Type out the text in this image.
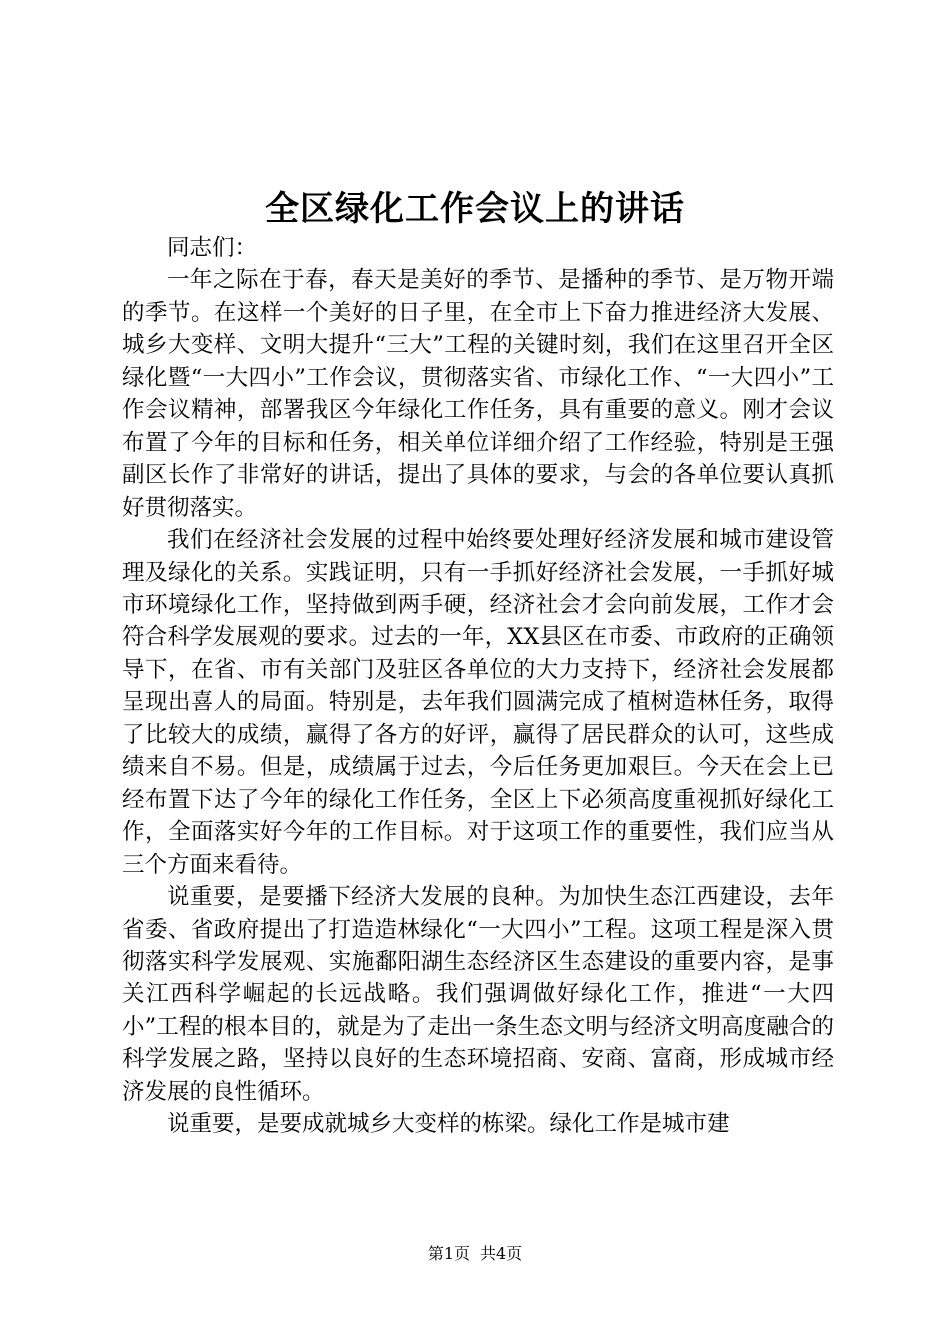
全区绿化工作会议上的讲话

同志们：

一年之际在于春，春天是美好的季节、是播种的季节、是万物开端的季节。在这样一个美好的日子里，在全市上下奋力推进经济大发展、城乡大变样、文明大提升“三大”工程的关键时刻，我们在这里召开全区绿化暨“一大四小”工作会议，贯彻落实省、市绿化工作、“一大四小”工作会议精神，部署我区今年绿化工作任务，具有重要的意义。刚才会议布置了今年的目标和任务，相关单位详细介绍了工作经验，特别是王强副区长作了非常好的讲话，提出了具体的要求，与会的各单位要认真抓好贯彻落实。

我们在经济社会发展的过程中始终要处理好经济发展和城市建设管理及绿化的关系。实践证明，只有一手抓好经济社会发展，一手抓好城市环境绿化工作，坚持做到两手硬，经济社会才会向前发展，工作才会符合科学发展观的要求。过去的一年，XX县区在市委、市政府的正确领导下，在省、市有关部门及驻区各单位的大力支持下，经济社会发展都呈现出喜人的局面。特别是，去年我们圆满完成了植树造林任务，取得了比较大的成绩，赢得了各方的好评，赢得了居民群众的认可，这些成绩来自不易。但是，成绩属于过去，今后任务更加艰巨。今天在会上已经布置下达了今年的绿化工作任务，全区上下必须高度重视抓好绿化工作，全面落实好今年的工作目标。对于这项工作的重要性，我们应当从三个方面来看待。

说重要，是要播下经济大发展的良种。为加快生态江西建设，去年省委、省政府提出了打造造林绿化“一大四小”工程。这项工程是深入贯彻落实科学发展观、实施鄱阳湖生态经济区生态建设的重要内容，是事关江西科学崛起的长远战略。我们强调做好绿化工作，推进“一大四小”工程的根本目的，就是为了走出一条生态文明与经济文明高度融合的科学发展之路，坚持以良好的生态环境招商、安商、富商，形成城市经济发展的良性循环。

说重要，是要成就城乡大变样的栋梁。绿化工作是城市建

第1页 共4页
